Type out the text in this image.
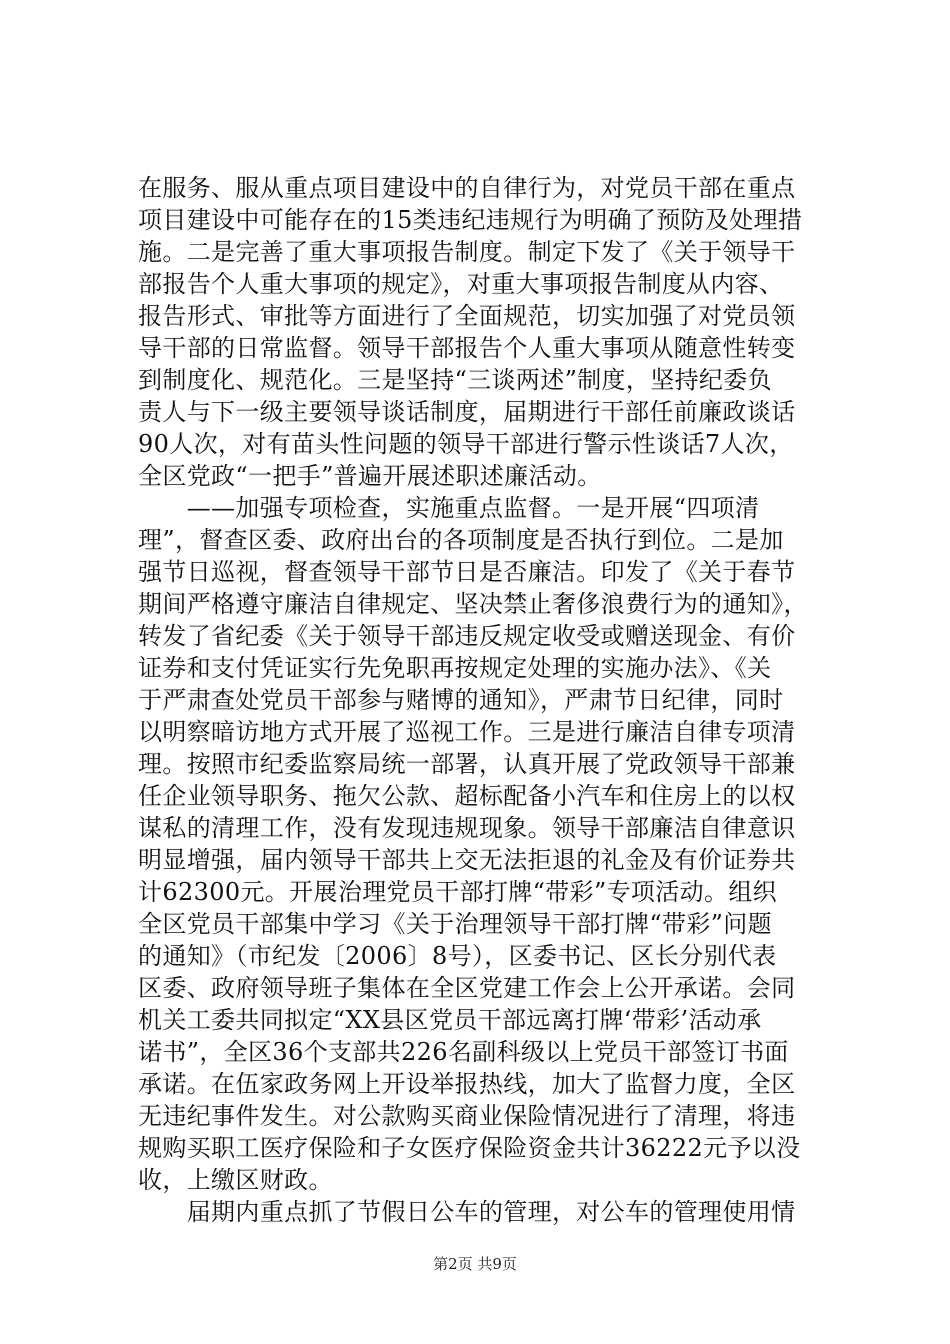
在服务、服从重点项目建设中的自律行为，对党员干部在重点
项目建设中可能存在的15类违纪违规行为明确了预防及处理措
施。二是完善了重大事项报告制度。制定下发了《关于领导干
部报告个人重大事项的规定》，对重大事项报告制度从内容、
报告形式、审批等方面进行了全面规范，切实加强了对党员领
导干部的日常监督。领导干部报告个人重大事项从随意性转变
到制度化、规范化。三是坚持“三谈两述”制度，坚持纪委负
责人与下一级主要领导谈话制度，届期进行干部任前廉政谈话
90人次，对有苗头性问题的领导干部进行警示性谈话7人次，
全区党政“一把手”普遍开展述职述廉活动。
　　——加强专项检查，实施重点监督。一是开展“四项清
理”，督查区委、政府出台的各项制度是否执行到位。二是加
强节日巡视，督查领导干部节日是否廉洁。印发了《关于春节
期间严格遵守廉洁自律规定、坚决禁止奢侈浪费行为的通知》，
转发了省纪委《关于领导干部违反规定收受或赠送现金、有价
证券和支付凭证实行先免职再按规定处理的实施办法》、《关
于严肃查处党员干部参与赌博的通知》，严肃节日纪律，同时
以明察暗访地方式开展了巡视工作。三是进行廉洁自律专项清
理。按照市纪委监察局统一部署，认真开展了党政领导干部兼
任企业领导职务、拖欠公款、超标配备小汽车和住房上的以权
谋私的清理工作，没有发现违规现象。领导干部廉洁自律意识
明显增强，届内领导干部共上交无法拒退的礼金及有价证券共
计62300元。开展治理党员干部打牌“带彩”专项活动。组织
全区党员干部集中学习《关于治理领导干部打牌“带彩”问题
的通知》（市纪发〔2006〕8号），区委书记、区长分别代表
区委、政府领导班子集体在全区党建工作会上公开承诺。会同
机关工委共同拟定“XX县区党员干部远离打牌‘带彩’活动承
诺书”，全区36个支部共226名副科级以上党员干部签订书面
承诺。在伍家政务网上开设举报热线，加大了监督力度，全区
无违纪事件发生。对公款购买商业保险情况进行了清理，将违
规购买职工医疗保险和子女医疗保险资金共计36222元予以没
收，上缴区财政。
　　届期内重点抓了节假日公车的管理，对公车的管理使用情
第2页 共9页
